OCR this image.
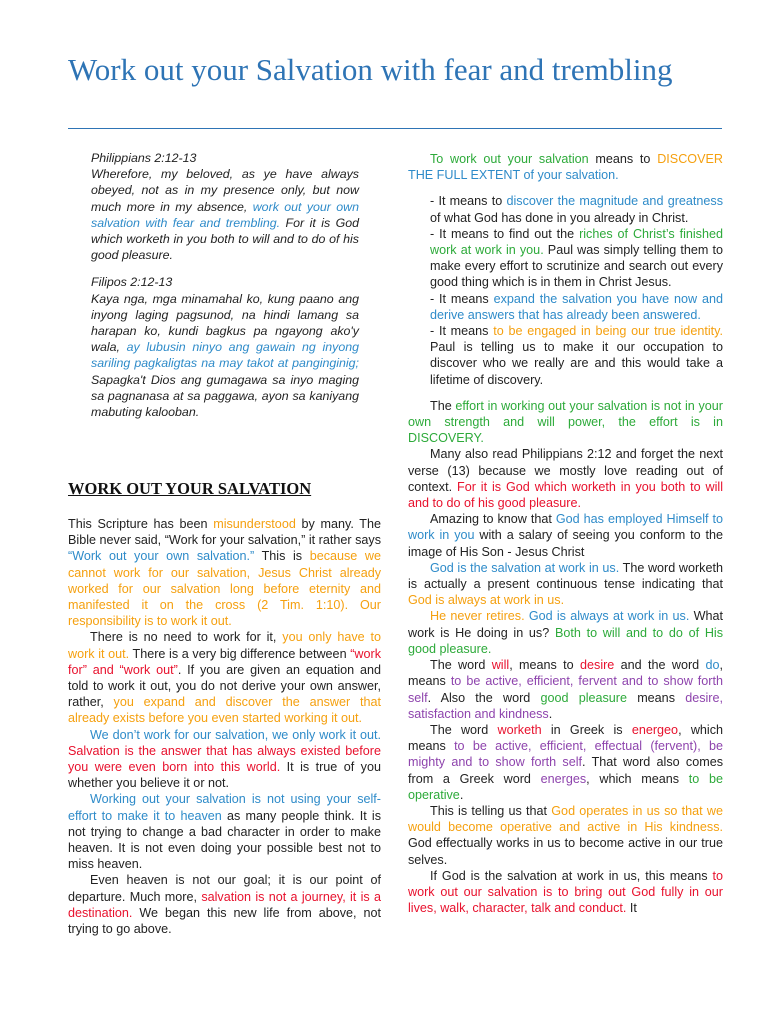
Work out your Salvation with fear and trembling

Philippians 2:12-13
Wherefore, my beloved, as ye have always obeyed, not as in my presence only, but now much more in my absence, work out your own salvation with fear and trembling. For it is God which worketh in you both to will and to do of his good pleasure.

Filipos 2:12-13
Kaya nga, mga minamahal ko, kung paano ang inyong laging pagsunod, na hindi lamang sa harapan ko, kundi bagkus pa ngayong ako'y wala, ay lubusin ninyo ang gawain ng inyong sariling pagkaligtas na may takot at panginginig; Sapagka't Dios ang gumagawa sa inyo maging sa pagnanasa at sa paggawa, ayon sa kaniyang mabuting kalooban.

WORK OUT YOUR SALVATION

This Scripture has been misunderstood by many. The Bible never said, “Work for your salvation,” it rather says “Work out your own salvation.” This is because we cannot work for our salvation, Jesus Christ already worked for our salvation long before eternity and manifested it on the cross (2 Tim. 1:10). Our responsibility is to work it out.

There is no need to work for it, you only have to work it out. There is a very big difference between “work for” and “work out”. If you are given an equation and told to work it out, you do not derive your own answer, rather, you expand and discover the answer that already exists before you even started working it out.

We don’t work for our salvation, we only work it out. Salvation is the answer that has always existed before you were even born into this world. It is true of you whether you believe it or not.

Working out your salvation is not using your self- effort to make it to heaven as many people think. It is not trying to change a bad character in order to make heaven. It is not even doing your possible best not to miss heaven.

Even heaven is not our goal; it is our point of departure. Much more, salvation is not a journey, it is a destination. We began this new life from above, not trying to go above.

To work out your salvation means to DISCOVER THE FULL EXTENT of your salvation.

- It means to discover the magnitude and greatness of what God has done in you already in Christ.

- It means to find out the riches of Christ’s finished work at work in you. Paul was simply telling them to make every effort to scrutinize and search out every good thing which is in them in Christ Jesus.

- It means expand the salvation you have now and derive answers that has already been answered.

- It means to be engaged in being our true identity. Paul is telling us to make it our occupation to discover who we really are and this would take a lifetime of discovery.

The effort in working out your salvation is not in your own strength and will power, the effort is in DISCOVERY.

Many also read Philippians 2:12 and forget the next verse (13) because we mostly love reading out of context. For it is God which worketh in you both to will and to do of his good pleasure.

Amazing to know that God has employed Himself to work in you with a salary of seeing you conform to the image of His Son - Jesus Christ

God is the salvation at work in us. The word worketh is actually a present continuous tense indicating that God is always at work in us.

He never retires. God is always at work in us. What work is He doing in us? Both to will and to do of His good pleasure.

The word will, means to desire and the word do, means to be active, efficient, fervent and to show forth self. Also the word good pleasure means desire, satisfaction and kindness.

The word worketh in Greek is energeo, which means to be active, efficient, effectual (fervent), be mighty and to show forth self. That word also comes from a Greek word energes, which means to be operative.

This is telling us that God operates in us so that we would become operative and active in His kindness. God effectually works in us to become active in our true selves.

If God is the salvation at work in us, this means to work out our salvation is to bring out God fully in our lives, walk, character, talk and conduct. It
